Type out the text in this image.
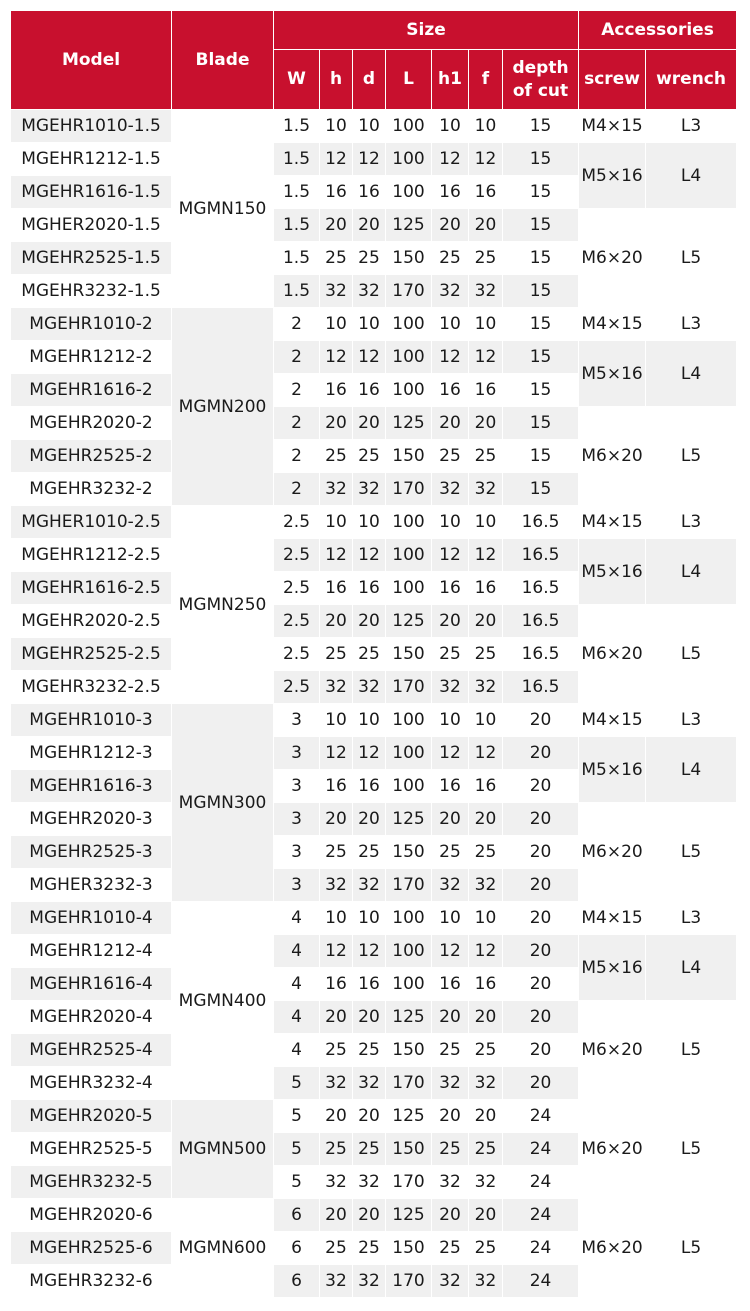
Model	Blade	Size							Accessories	
		W	h	d	L	h1	f	depth of cut	screw	wrench
MGEHR1010-1.5	MGMN150	1.5	10	10	100	10	10	15	M4×15	L3
MGEHR1212-1.5		1.5	12	12	100	12	12	15	M5×16	L4
MGEHR1616-1.5		1.5	16	16	100	16	16	15		
MGHER2020-1.5		1.5	20	20	125	20	20	15	M6×20	L5
MGEHR2525-1.5		1.5	25	25	150	25	25	15		
MGEHR3232-1.5		1.5	32	32	170	32	32	15		
MGEHR1010-2	MGMN200	2	10	10	100	10	10	15	M4×15	L3
MGEHR1212-2		2	12	12	100	12	12	15	M5×16	L4
MGEHR1616-2		2	16	16	100	16	16	15		
MGEHR2020-2		2	20	20	125	20	20	15	M6×20	L5
MGEHR2525-2		2	25	25	150	25	25	15		
MGEHR3232-2		2	32	32	170	32	32	15		
MGHER1010-2.5	MGMN250	2.5	10	10	100	10	10	16.5	M4×15	L3
MGEHR1212-2.5		2.5	12	12	100	12	12	16.5	M5×16	L4
MGEHR1616-2.5		2.5	16	16	100	16	16	16.5		
MGEHR2020-2.5		2.5	20	20	125	20	20	16.5	M6×20	L5
MGEHR2525-2.5		2.5	25	25	150	25	25	16.5		
MGEHR3232-2.5		2.5	32	32	170	32	32	16.5		
MGEHR1010-3	MGMN300	3	10	10	100	10	10	20	M4×15	L3
MGEHR1212-3		3	12	12	100	12	12	20	M5×16	L4
MGEHR1616-3		3	16	16	100	16	16	20		
MGEHR2020-3		3	20	20	125	20	20	20	M6×20	L5
MGEHR2525-3		3	25	25	150	25	25	20		
MGHER3232-3		3	32	32	170	32	32	20		
MGEHR1010-4	MGMN400	4	10	10	100	10	10	20	M4×15	L3
MGEHR1212-4		4	12	12	100	12	12	20	M5×16	L4
MGEHR1616-4		4	16	16	100	16	16	20		
MGEHR2020-4		4	20	20	125	20	20	20	M6×20	L5
MGEHR2525-4		4	25	25	150	25	25	20		
MGEHR3232-4		5	32	32	170	32	32	20		
MGEHR2020-5	MGMN500	5	20	20	125	20	20	24	M6×20	L5
MGEHR2525-5		5	25	25	150	25	25	24		
MGEHR3232-5		5	32	32	170	32	32	24		
MGEHR2020-6	MGMN600	6	20	20	125	20	20	24	M6×20	L5
MGEHR2525-6		6	25	25	150	25	25	24		
MGEHR3232-6		6	32	32	170	32	32	24		
